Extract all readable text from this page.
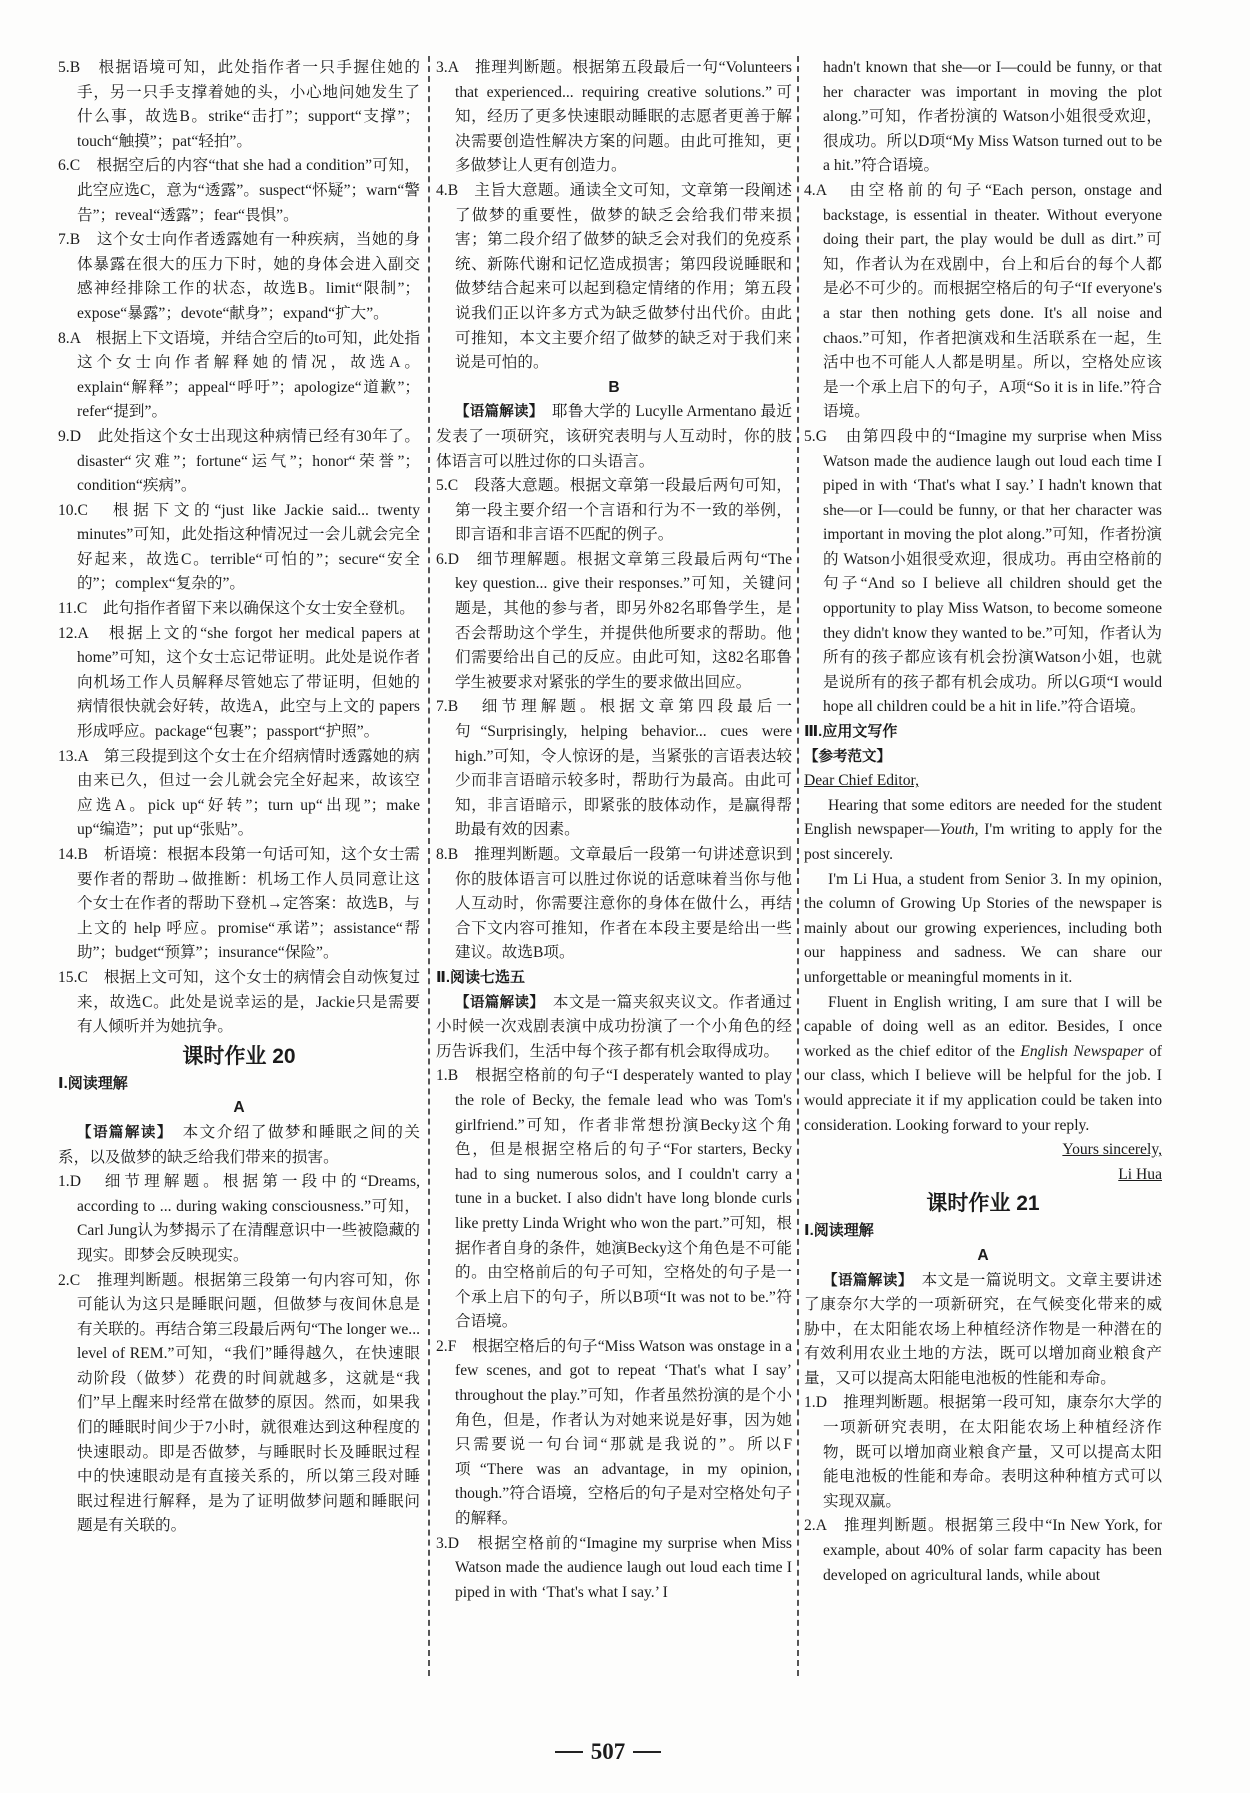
5.B　根据语境可知，此处指作者一只手握住她的手，另一只手支撑着她的头，小心地问她发生了什么事，故选B。strike“击打”；support“支撑”；touch“触摸”；pat“轻拍”。
6.C　根据空后的内容“that she had a condition”可知，此空应选C，意为“透露”。suspect“怀疑”；warn“警告”；reveal“透露”；fear“畏惧”。
7.B　这个女士向作者透露她有一种疾病，当她的身体暴露在很大的压力下时，她的身体会进入副交感神经排除工作的状态，故选B。limit“限制”；expose“暴露”；devote“献身”；expand“扩大”。
8.A　根据上下文语境，并结合空后的to可知，此处指这个女士向作者解释她的情况，故选A。explain“解释”；appeal“呼吁”；apologize“道歉”；refer“提到”。
9.D　此处指这个女士出现这种病情已经有30年了。disaster“灾难”；fortune“运气”；honor“荣誉”；condition“疾病”。
10.C　根据下文的“just like Jackie said... twenty minutes”可知，此处指这种情况过一会儿就会完全好起来，故选C。terrible“可怕的”；secure“安全的”；complex“复杂的”。
11.C　此句指作者留下来以确保这个女士安全登机。
12.A　根据上文的“she forgot her medical papers at home”可知，这个女士忘记带证明。此处是说作者向机场工作人员解释尽管她忘了带证明，但她的病情很快就会好转，故选A，此空与上文的 papers 形成呼应。package“包裹”；passport“护照”。
13.A　第三段提到这个女士在介绍病情时透露她的病由来已久，但过一会儿就会完全好起来，故该空应选A。pick up“好转”；turn up“出现”；make up“编造”；put up“张贴”。
14.B　析语境：根据本段第一句话可知，这个女士需要作者的帮助→做推断：机场工作人员同意让这个女士在作者的帮助下登机→定答案：故选B，与上文的 help 呼应。promise“承诺”；assistance“帮助”；budget“预算”；insurance“保险”。
15.C　根据上文可知，这个女士的病情会自动恢复过来，故选C。此处是说幸运的是，Jackie只是需要有人倾听并为她抗争。
课时作业 20
Ⅰ.阅读理解
A
【语篇解读】　本文介绍了做梦和睡眠之间的关系，以及做梦的缺乏给我们带来的损害。
1.D　细节理解题。根据第一段中的“Dreams, according to ... during waking consciousness.”可知，Carl Jung认为梦揭示了在清醒意识中一些被隐藏的现实。即梦会反映现实。
2.C　推理判断题。根据第三段第一句内容可知，你可能认为这只是睡眠问题，但做梦与夜间休息是有关联的。再结合第三段最后两句“The longer we... level of REM.”可知，“我们”睡得越久，在快速眼动阶段（做梦）花费的时间就越多，这就是“我们”早上醒来时经常在做梦的原因。然而，如果我们的睡眠时间少于7小时，就很难达到这种程度的快速眼动。即是否做梦，与睡眠时长及睡眠过程中的快速眼动是有直接关系的，所以第三段对睡眠过程进行解释，是为了证明做梦问题和睡眠问题是有关联的。
3.A　推理判断题。根据第五段最后一句“Volunteers that experienced... requiring creative solutions.”可知，经历了更多快速眼动睡眠的志愿者更善于解决需要创造性解决方案的问题。由此可推知，更多做梦让人更有创造力。
4.B　主旨大意题。通读全文可知，文章第一段阐述了做梦的重要性，做梦的缺乏会给我们带来损害；第二段介绍了做梦的缺乏会对我们的免疫系统、新陈代谢和记忆造成损害；第四段说睡眠和做梦结合起来可以起到稳定情绪的作用；第五段说我们正以许多方式为缺乏做梦付出代价。由此可推知，本文主要介绍了做梦的缺乏对于我们来说是可怕的。
B
【语篇解读】　耶鲁大学的 Lucylle Armentano 最近发表了一项研究，该研究表明与人互动时，你的肢体语言可以胜过你的口头语言。
5.C　段落大意题。根据文章第一段最后两句可知，第一段主要介绍一个言语和行为不一致的举例，即言语和非言语不匹配的例子。
6.D　细节理解题。根据文章第三段最后两句“The key question... give their responses.”可知，关键问题是，其他的参与者，即另外82名耶鲁学生，是否会帮助这个学生，并提供他所要求的帮助。他们需要给出自己的反应。由此可知，这82名耶鲁学生被要求对紧张的学生的要求做出回应。
7.B　细节理解题。根据文章第四段最后一句“Surprisingly, helping behavior... cues were high.”可知，令人惊讶的是，当紧张的言语表达较少而非言语暗示较多时，帮助行为最高。由此可知，非言语暗示，即紧张的肢体动作，是赢得帮助最有效的因素。
8.B　推理判断题。文章最后一段第一句讲述意识到你的肢体语言可以胜过你说的话意味着当你与他人互动时，你需要注意你的身体在做什么，再结合下文内容可推知，作者在本段主要是给出一些建议。故选B项。
Ⅱ.阅读七选五
【语篇解读】　本文是一篇夹叙夹议文。作者通过小时候一次戏剧表演中成功扮演了一个小角色的经历告诉我们，生活中每个孩子都有机会取得成功。
1.B　根据空格前的句子“I desperately wanted to play the role of Becky, the female lead who was Tom's girlfriend.”可知，作者非常想扮演Becky这个角色，但是根据空格后的句子“For starters, Becky had to sing numerous solos, and I couldn't carry a tune in a bucket. I also didn't have long blonde curls like pretty Linda Wright who won the part.”可知，根据作者自身的条件，她演Becky这个角色是不可能的。由空格前后的句子可知，空格处的句子是一个承上启下的句子，所以B项“It was not to be.”符合语境。
2.F　根据空格后的句子“Miss Watson was onstage in a few scenes, and got to repeat ‘That's what I say’ throughout the play.”可知，作者虽然扮演的是个小角色，但是，作者认为对她来说是好事，因为她只需要说一句台词“那就是我说的”。所以F项“There was an advantage, in my opinion, though.”符合语境，空格后的句子是对空格处句子的解释。
3.D　根据空格前的“Imagine my surprise when Miss Watson made the audience laugh out loud each time I piped in with ‘That's what I say.’ I
hadn't known that she—or I—could be funny, or that her character was important in moving the plot along.”可知，作者扮演的 Watson小姐很受欢迎，很成功。所以D项“My Miss Watson turned out to be a hit.”符合语境。
4.A　由空格前的句子“Each person, onstage and backstage, is essential in theater. Without everyone doing their part, the play would be dull as dirt.”可知，作者认为在戏剧中，台上和后台的每个人都是必不可少的。而根据空格后的句子“If everyone's a star then nothing gets done. It's all noise and chaos.”可知，作者把演戏和生活联系在一起，生活中也不可能人人都是明星。所以，空格处应该是一个承上启下的句子，A项“So it is in life.”符合语境。
5.G　由第四段中的“Imagine my surprise when Miss Watson made the audience laugh out loud each time I piped in with ‘That's what I say.’ I hadn't known that she—or I—could be funny, or that her character was important in moving the plot along.”可知，作者扮演的 Watson小姐很受欢迎，很成功。再由空格前的句子“And so I believe all children should get the opportunity to play Miss Watson, to become someone they didn't know they wanted to be.”可知，作者认为所有的孩子都应该有机会扮演Watson小姐，也就是说所有的孩子都有机会成功。所以G项“I would hope all children could be a hit in life.”符合语境。
Ⅲ.应用文写作
【参考范文】
Dear Chief Editor,
Hearing that some editors are needed for the student English newspaper—Youth, I'm writing to apply for the post sincerely.
I'm Li Hua, a student from Senior 3. In my opinion, the column of Growing Up Stories of the newspaper is mainly about our growing experiences, including both our happiness and sadness. We can share our unforgettable or meaningful moments in it.
Fluent in English writing, I am sure that I will be capable of doing well as an editor. Besides, I once worked as the chief editor of the English Newspaper of our class, which I believe will be helpful for the job. I would appreciate it if my application could be taken into consideration. Looking forward to your reply.
Yours sincerely,
Li Hua
课时作业 21
Ⅰ.阅读理解
A
【语篇解读】　本文是一篇说明文。文章主要讲述了康奈尔大学的一项新研究，在气候变化带来的威胁中，在太阳能农场上种植经济作物是一种潜在的有效利用农业土地的方法，既可以增加商业粮食产量，又可以提高太阳能电池板的性能和寿命。
1.D　推理判断题。根据第一段可知，康奈尔大学的一项新研究表明，在太阳能农场上种植经济作物，既可以增加商业粮食产量，又可以提高太阳能电池板的性能和寿命。表明这种种植方式可以实现双赢。
2.A　推理判断题。根据第三段中“In New York, for example, about 40% of solar farm capacity has been developed on agricultural lands, while about
507
